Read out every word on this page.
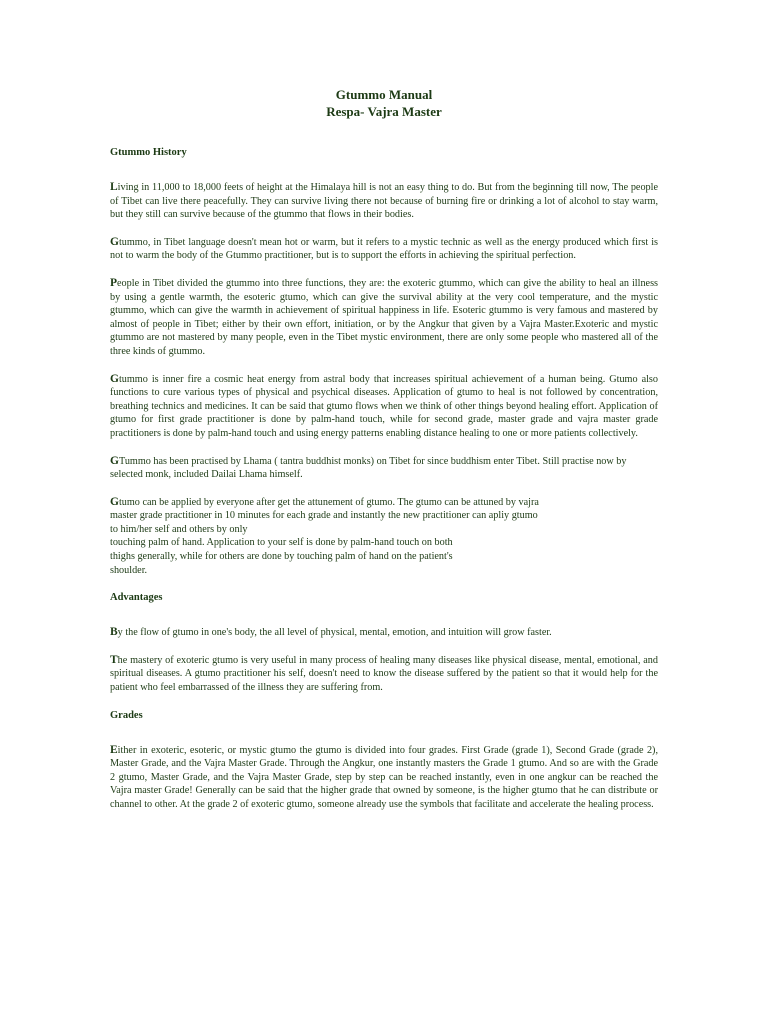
Gtummo Manual
Respa- Vajra Master
Gtummo History

Living in 11,000 to 18,000 feets of height at the Himalaya hill is not an easy thing to do. But from the beginning till now, The people of Tibet can live there peacefully. They can survive living there not because of burning fire or drinking a lot of alcohol to stay warm, but they still can survive because of the gtummo that flows in their bodies.

Gtummo, in Tibet language doesn't mean hot or warm, but it refers to a mystic technic as well as the energy produced which first is not to warm the body of the Gtummo practitioner, but is to support the efforts in achieving the spiritual perfection.

People in Tibet divided the gtummo into three functions, they are: the exoteric gtummo, which can give the ability to heal an illness by using a gentle warmth, the esoteric gtumo, which can give the survival ability at the very cool temperature, and the mystic gtummo, which can give the warmth in achievement of spiritual happiness in life. Esoteric gtummo is very famous and mastered by almost of people in Tibet; either by their own effort, initiation, or by the Angkur that given by a Vajra Master.Exoteric and mystic gtummo are not mastered by many people, even in the Tibet mystic environment, there are only some people who mastered all of the three kinds of gtummo.

Gtummo is inner fire a cosmic heat energy from astral body that increases spiritual achievement of a human being. Gtumo also functions to cure various types of physical and psychical diseases. Application of gtumo to heal is not followed by concentration, breathing technics and medicines. It can be said that gtumo flows when we think of other things beyond healing effort. Application of gtumo for first grade practitioner is done by palm-hand touch, while for second grade, master grade and vajra master grade practitioners is done by palm-hand touch and using energy patterns enabling distance healing to one or more patients collectively.

GTummo has been practised by Lhama ( tantra buddhist monks) on Tibet for since buddhism enter Tibet. Still practise now by selected monk, included Dailai Lhama himself.

Gtumo can be applied by everyone after get the attunement of gtumo. The gtumo can be attuned by vajra
master grade practitioner in 10 minutes for each grade and instantly the new practitioner can apliy gtumo
to him/her self and others by only
touching palm of hand. Application to your self is done by palm-hand touch on both
thighs generally, while for others are done by touching palm of hand on the patient's
shoulder.

Advantages

By the flow of gtumo in one's body, the all level of physical, mental, emotion, and intuition will grow faster.

The mastery of exoteric gtumo is very useful in many process of healing many diseases like physical disease, mental, emotional, and spiritual diseases. A gtumo practitioner his self, doesn't need to know the disease suffered by the patient so that it would help for the patient who feel embarrassed of the illness they are suffering from.

Grades

Either in exoteric, esoteric, or mystic gtumo the gtumo is divided into four grades. First Grade (grade 1), Second Grade (grade 2), Master Grade, and the Vajra Master Grade. Through the Angkur, one instantly masters the Grade 1 gtumo. And so are with the Grade 2 gtumo, Master Grade, and the Vajra Master Grade, step by step can be reached instantly, even in one angkur can be reached the Vajra master Grade! Generally can be said that the higher grade that owned by someone, is the higher gtumo that he can distribute or channel to other. At the grade 2 of exoteric gtumo, someone already use the symbols that facilitate and accelerate the healing process.
